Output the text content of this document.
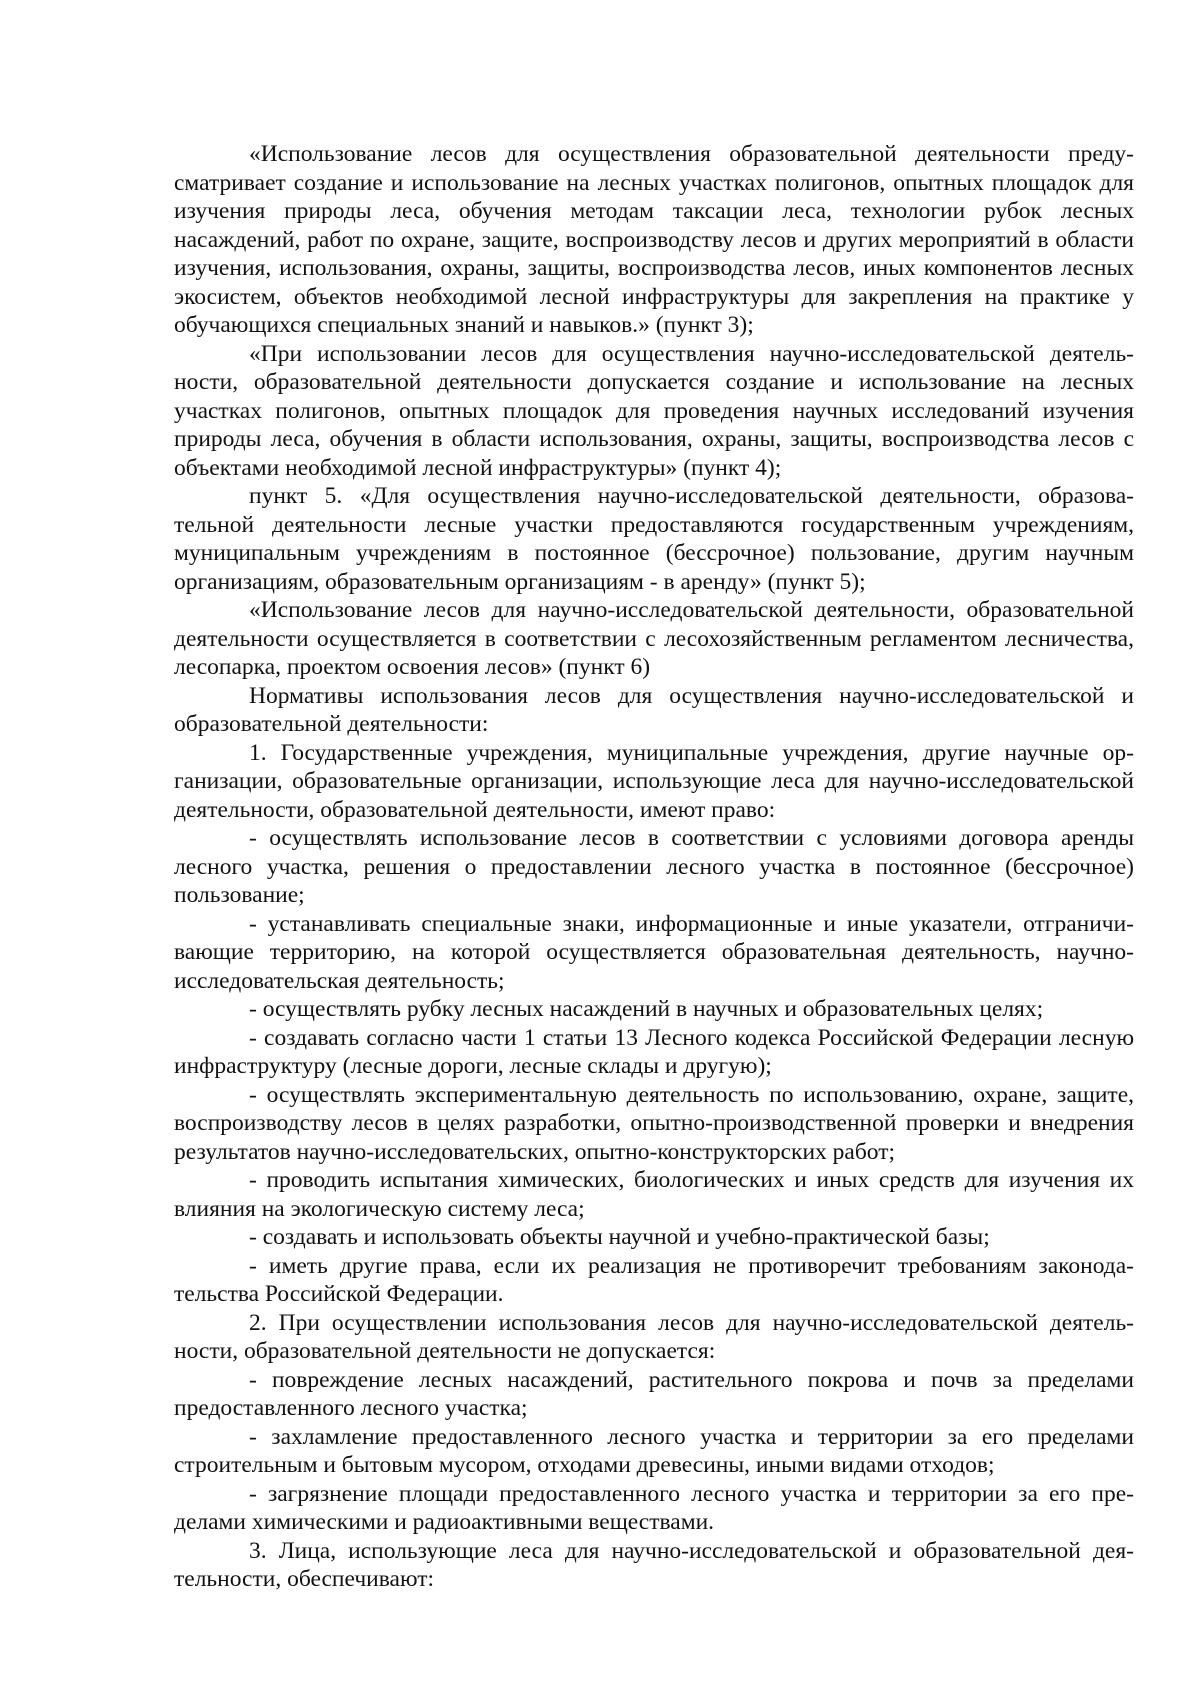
«Использование лесов для осуществления образовательной деятельности предусматривает создание и использование на лесных участках полигонов, опытных площадок для изучения природы леса, обучения методам таксации леса, технологии рубок лесных насаждений, работ по охране, защите, воспроизводству лесов и других мероприятий в области изучения, использования, охраны, защиты, воспроизводства лесов, иных компонентов лесных экосистем, объектов необходимой лесной инфраструктуры для закрепления на практике у обучающихся специальных знаний и навыков.» (пункт 3);

«При использовании лесов для осуществления научно-исследовательской деятельности, образовательной деятельности допускается создание и использование на лесных участках полигонов, опытных площадок для проведения научных исследований изучения природы леса, обучения в области использования, охраны, защиты, воспроизводства лесов с объектами необходимой лесной инфраструктуры» (пункт 4);

пункт 5. «Для осуществления научно-исследовательской деятельности, образовательной деятельности лесные участки предоставляются государственным учреждениям, муниципальным учреждениям в постоянное (бессрочное) пользование, другим научным организациям, образовательным организациям - в аренду» (пункт 5);

«Использование лесов для научно-исследовательской деятельности, образовательной деятельности осуществляется в соответствии с лесохозяйственным регламентом лесничества, лесопарка, проектом освоения лесов» (пункт 6)

Нормативы использования лесов для осуществления научно-исследовательской и образовательной деятельности:

1. Государственные учреждения, муниципальные учреждения, другие научные организации, образовательные организации, использующие леса для научно-исследовательской деятельности, образовательной деятельности, имеют право:

- осуществлять использование лесов в соответствии с условиями договора аренды лесного участка, решения о предоставлении лесного участка в постоянное (бессрочное) пользование;

- устанавливать специальные знаки, информационные и иные указатели, отграничивающие территорию, на которой осуществляется образовательная деятельность, научно-исследовательская деятельность;

- осуществлять рубку лесных насаждений в научных и образовательных целях;

- создавать согласно части 1 статьи 13 Лесного кодекса Российской Федерации лесную инфраструктуру (лесные дороги, лесные склады и другую);

- осуществлять экспериментальную деятельность по использованию, охране, защите, воспроизводству лесов в целях разработки, опытно-производственной проверки и внедрения результатов научно-исследовательских, опытно-конструкторских работ;

- проводить испытания химических, биологических и иных средств для изучения их влияния на экологическую систему леса;

- создавать и использовать объекты научной и учебно-практической базы;

- иметь другие права, если их реализация не противоречит требованиям законодательства Российской Федерации.

2. При осуществлении использования лесов для научно-исследовательской деятельности, образовательной деятельности не допускается:

- повреждение лесных насаждений, растительного покрова и почв за пределами предоставленного лесного участка;

- захламление предоставленного лесного участка и территории за его пределами строительным и бытовым мусором, отходами древесины, иными видами отходов;

- загрязнение площади предоставленного лесного участка и территории за его пределами химическими и радиоактивными веществами.

3. Лица, использующие леса для научно-исследовательской и образовательной деятельности, обеспечивают:
